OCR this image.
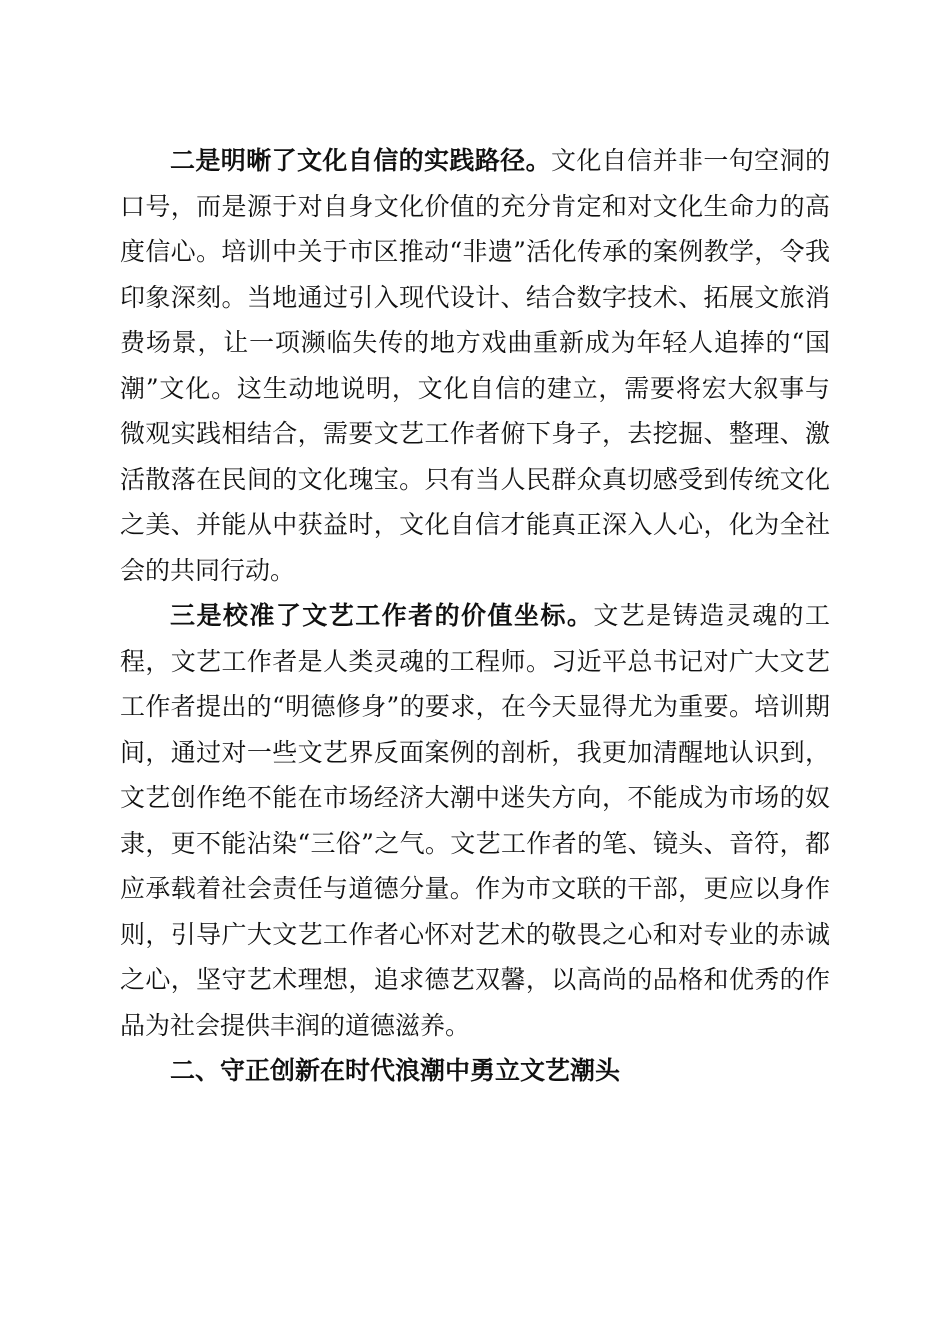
二是明晰了文化自信的实践路径。文化自信并非一句空洞的口号，而是源于对自身文化价值的充分肯定和对文化生命力的高度信心。培训中关于市区推动“非遗”活化传承的案例教学，令我印象深刻。当地通过引入现代设计、结合数字技术、拓展文旅消费场景，让一项濒临失传的地方戏曲重新成为年轻人追捧的“国潮”文化。这生动地说明，文化自信的建立，需要将宏大叙事与微观实践相结合，需要文艺工作者俯下身子，去挖掘、整理、激活散落在民间的文化瑰宝。只有当人民群众真切感受到传统文化之美、并能从中获益时，文化自信才能真正深入人心，化为全社会的共同行动。

三是校准了文艺工作者的价值坐标。文艺是铸造灵魂的工程，文艺工作者是人类灵魂的工程师。习近平总书记对广大文艺工作者提出的“明德修身”的要求，在今天显得尤为重要。培训期间，通过对一些文艺界反面案例的剖析，我更加清醒地认识到，文艺创作绝不能在市场经济大潮中迷失方向，不能成为市场的奴隶，更不能沾染“三俗”之气。文艺工作者的笔、镜头、音符，都应承载着社会责任与道德分量。作为市文联的干部，更应以身作则，引导广大文艺工作者心怀对艺术的敬畏之心和对专业的赤诚之心，坚守艺术理想，追求德艺双馨，以高尚的品格和优秀的作品为社会提供丰润的道德滋养。

二、守正创新在时代浪潮中勇立文艺潮头
